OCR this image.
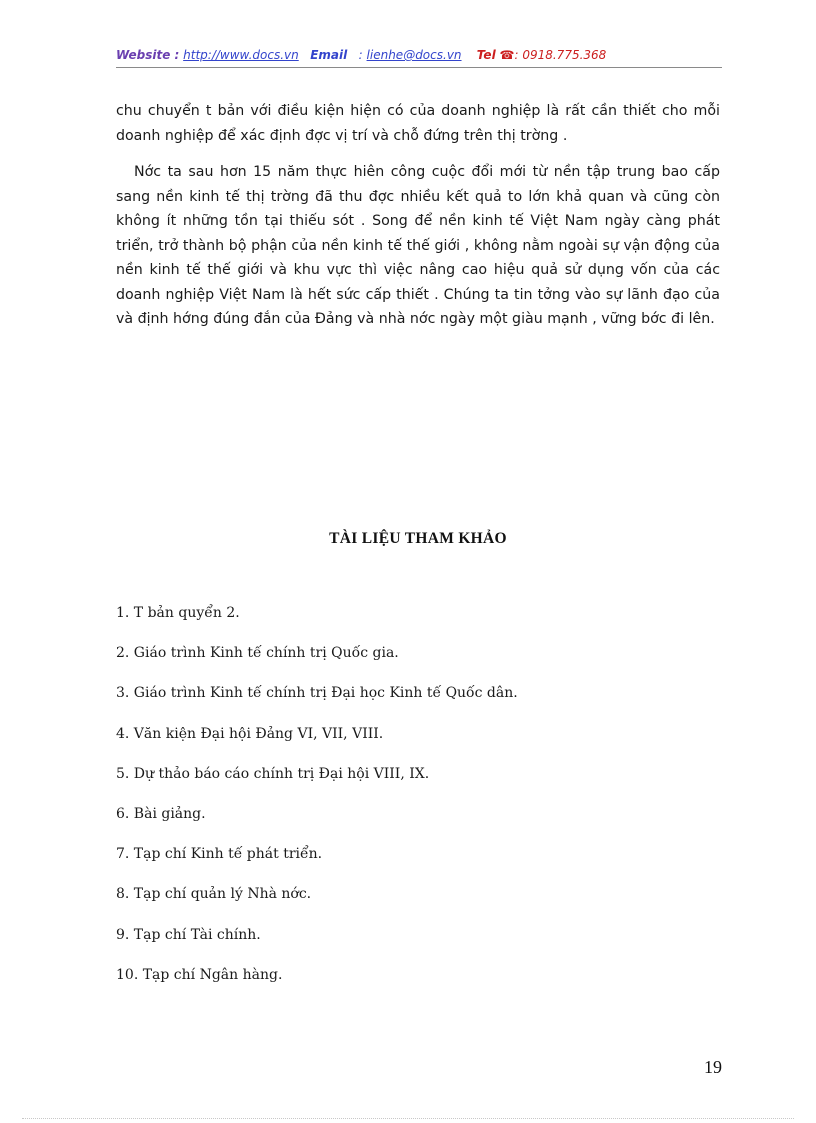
Website : http://www.docs.vn Email : lienhe@docs.vn Tel ☎: 0918.775.368
chu chuyển t bản với điều kiện hiện có của doanh nghiệp là rất cần thiết cho mỗi doanh nghiệp để xác định đợc vị trí và chỗ đứng trên thị trờng .
Nớc ta sau hơn 15 năm thực hiên công cuộc đổi mới từ nền tập trung bao cấp sang nền kinh tế thị trờng đã thu đợc nhiều kết quả to lớn khả quan và cũng còn không ít những tồn tại thiếu sót . Song để nền kinh tế Việt Nam ngày càng phát triển, trở thành bộ phận của nền kinh tế thế giới , không nằm ngoài sự vận động của nền kinh tế thế giới và khu vực thì việc nâng cao hiệu quả sử dụng vốn của các doanh nghiệp Việt Nam là hết sức cấp thiết . Chúng ta tin tởng vào sự lãnh đạo của và định hớng đúng đắn của Đảng và nhà nớc ngày một giàu mạnh , vững bớc đi lên.
TÀI LIỆU THAM KHẢO
1. T bản quyển 2.
2. Giáo trình Kinh tế chính trị Quốc gia.
3. Giáo trình Kinh tế chính trị Đại học Kinh tế Quốc dân.
4. Văn kiện Đại hội Đảng VI, VII, VIII.
5. Dự thảo báo cáo chính trị Đại hội VIII, IX.
6. Bài giảng.
7. Tạp chí Kinh tế phát triển.
8. Tạp chí quản lý Nhà nớc.
9. Tạp chí Tài chính.
10. Tạp chí Ngân hàng.
19
